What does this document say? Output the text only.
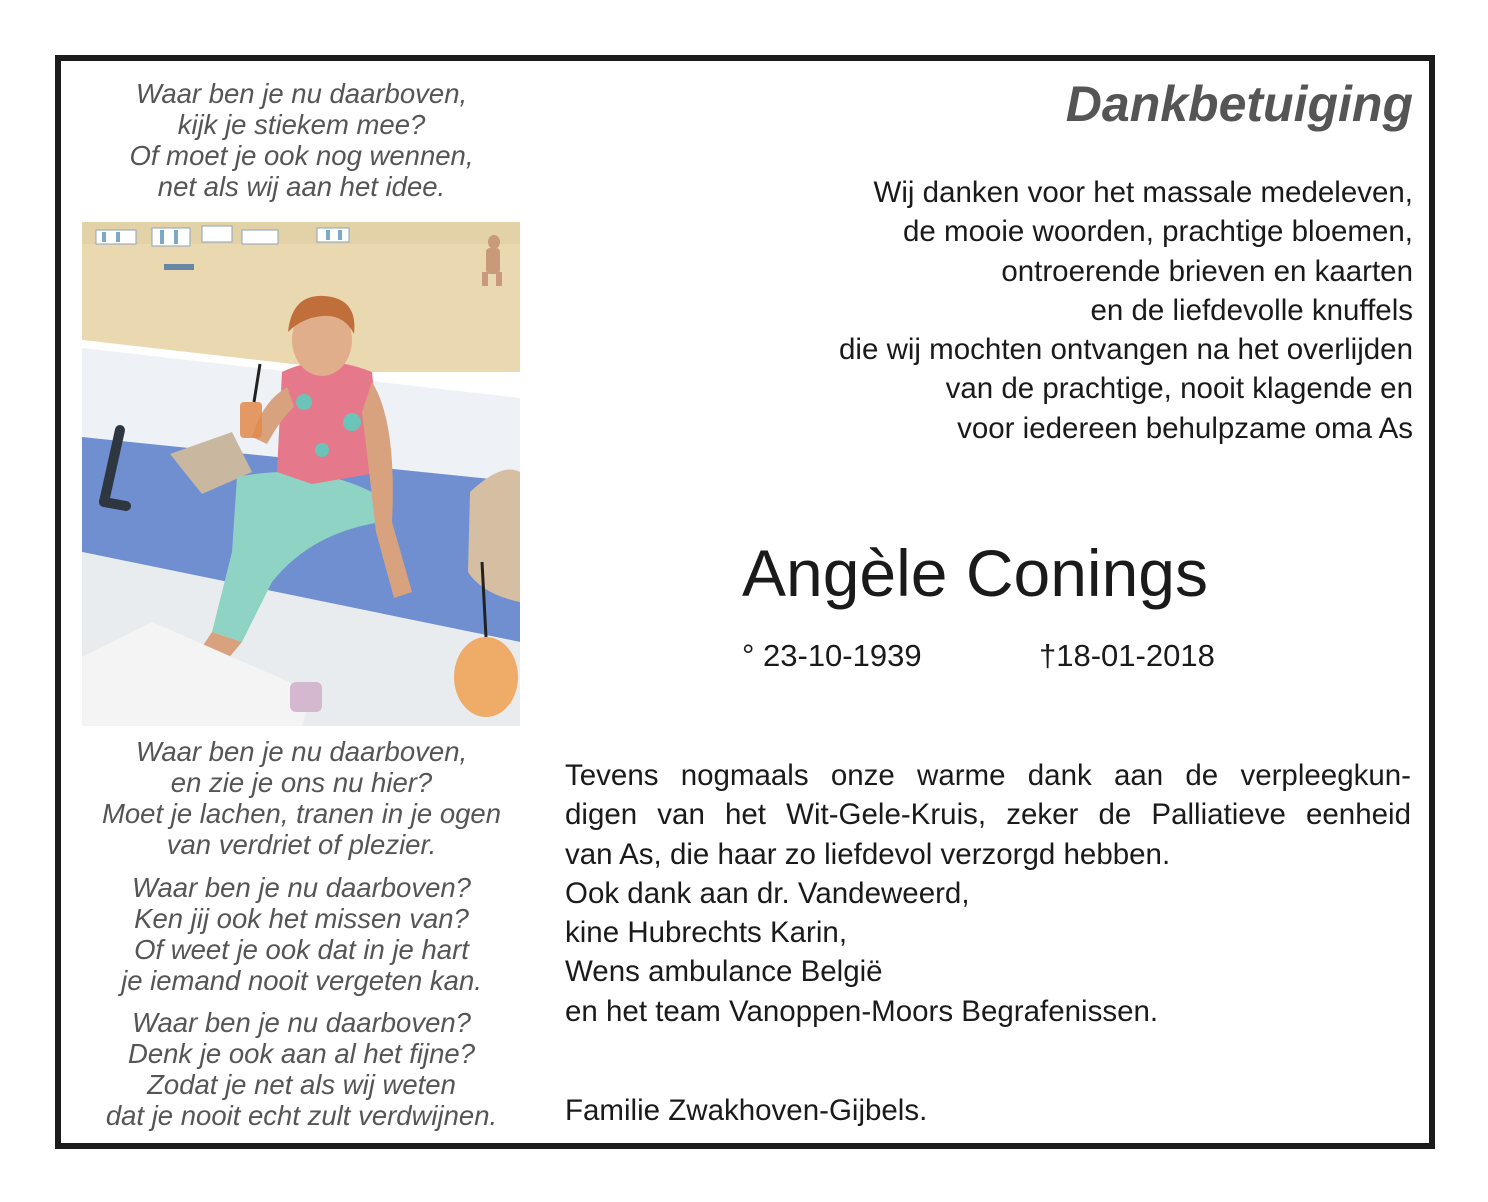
Waar ben je nu daarboven,
kijk je stiekem mee?
Of moet je ook nog wennen,
net als wij aan het idee.
Waar ben je nu daarboven,
en zie je ons nu hier?
Moet je lachen, tranen in je ogen
van verdriet of plezier.
Waar ben je nu daarboven?
Ken jij ook het missen van?
Of weet je ook dat in je hart
je iemand nooit vergeten kan.
Waar ben je nu daarboven?
Denk je ook aan al het fijne?
Zodat je net als wij weten
dat je nooit echt zult verdwijnen.
Dankbetuiging
Wij danken voor het massale medeleven,
de mooie woorden, prachtige bloemen,
ontroerende brieven en kaarten
en de liefdevolle knuffels
die wij mochten ontvangen na het overlijden
van de prachtige, nooit klagende en
voor iedereen behulpzame oma As
Angèle Conings
° 23-10-1939	†18-01-2018
Tevens nogmaals onze warme dank aan de verpleegkun-
digen van het Wit-Gele-Kruis, zeker de Palliatieve eenheid
van As, die haar zo liefdevol verzorgd hebben.
Ook dank aan dr. Vandeweerd,
kine Hubrechts Karin,
Wens ambulance België
en het team Vanoppen-Moors Begrafenissen.
Familie Zwakhoven-Gijbels.
